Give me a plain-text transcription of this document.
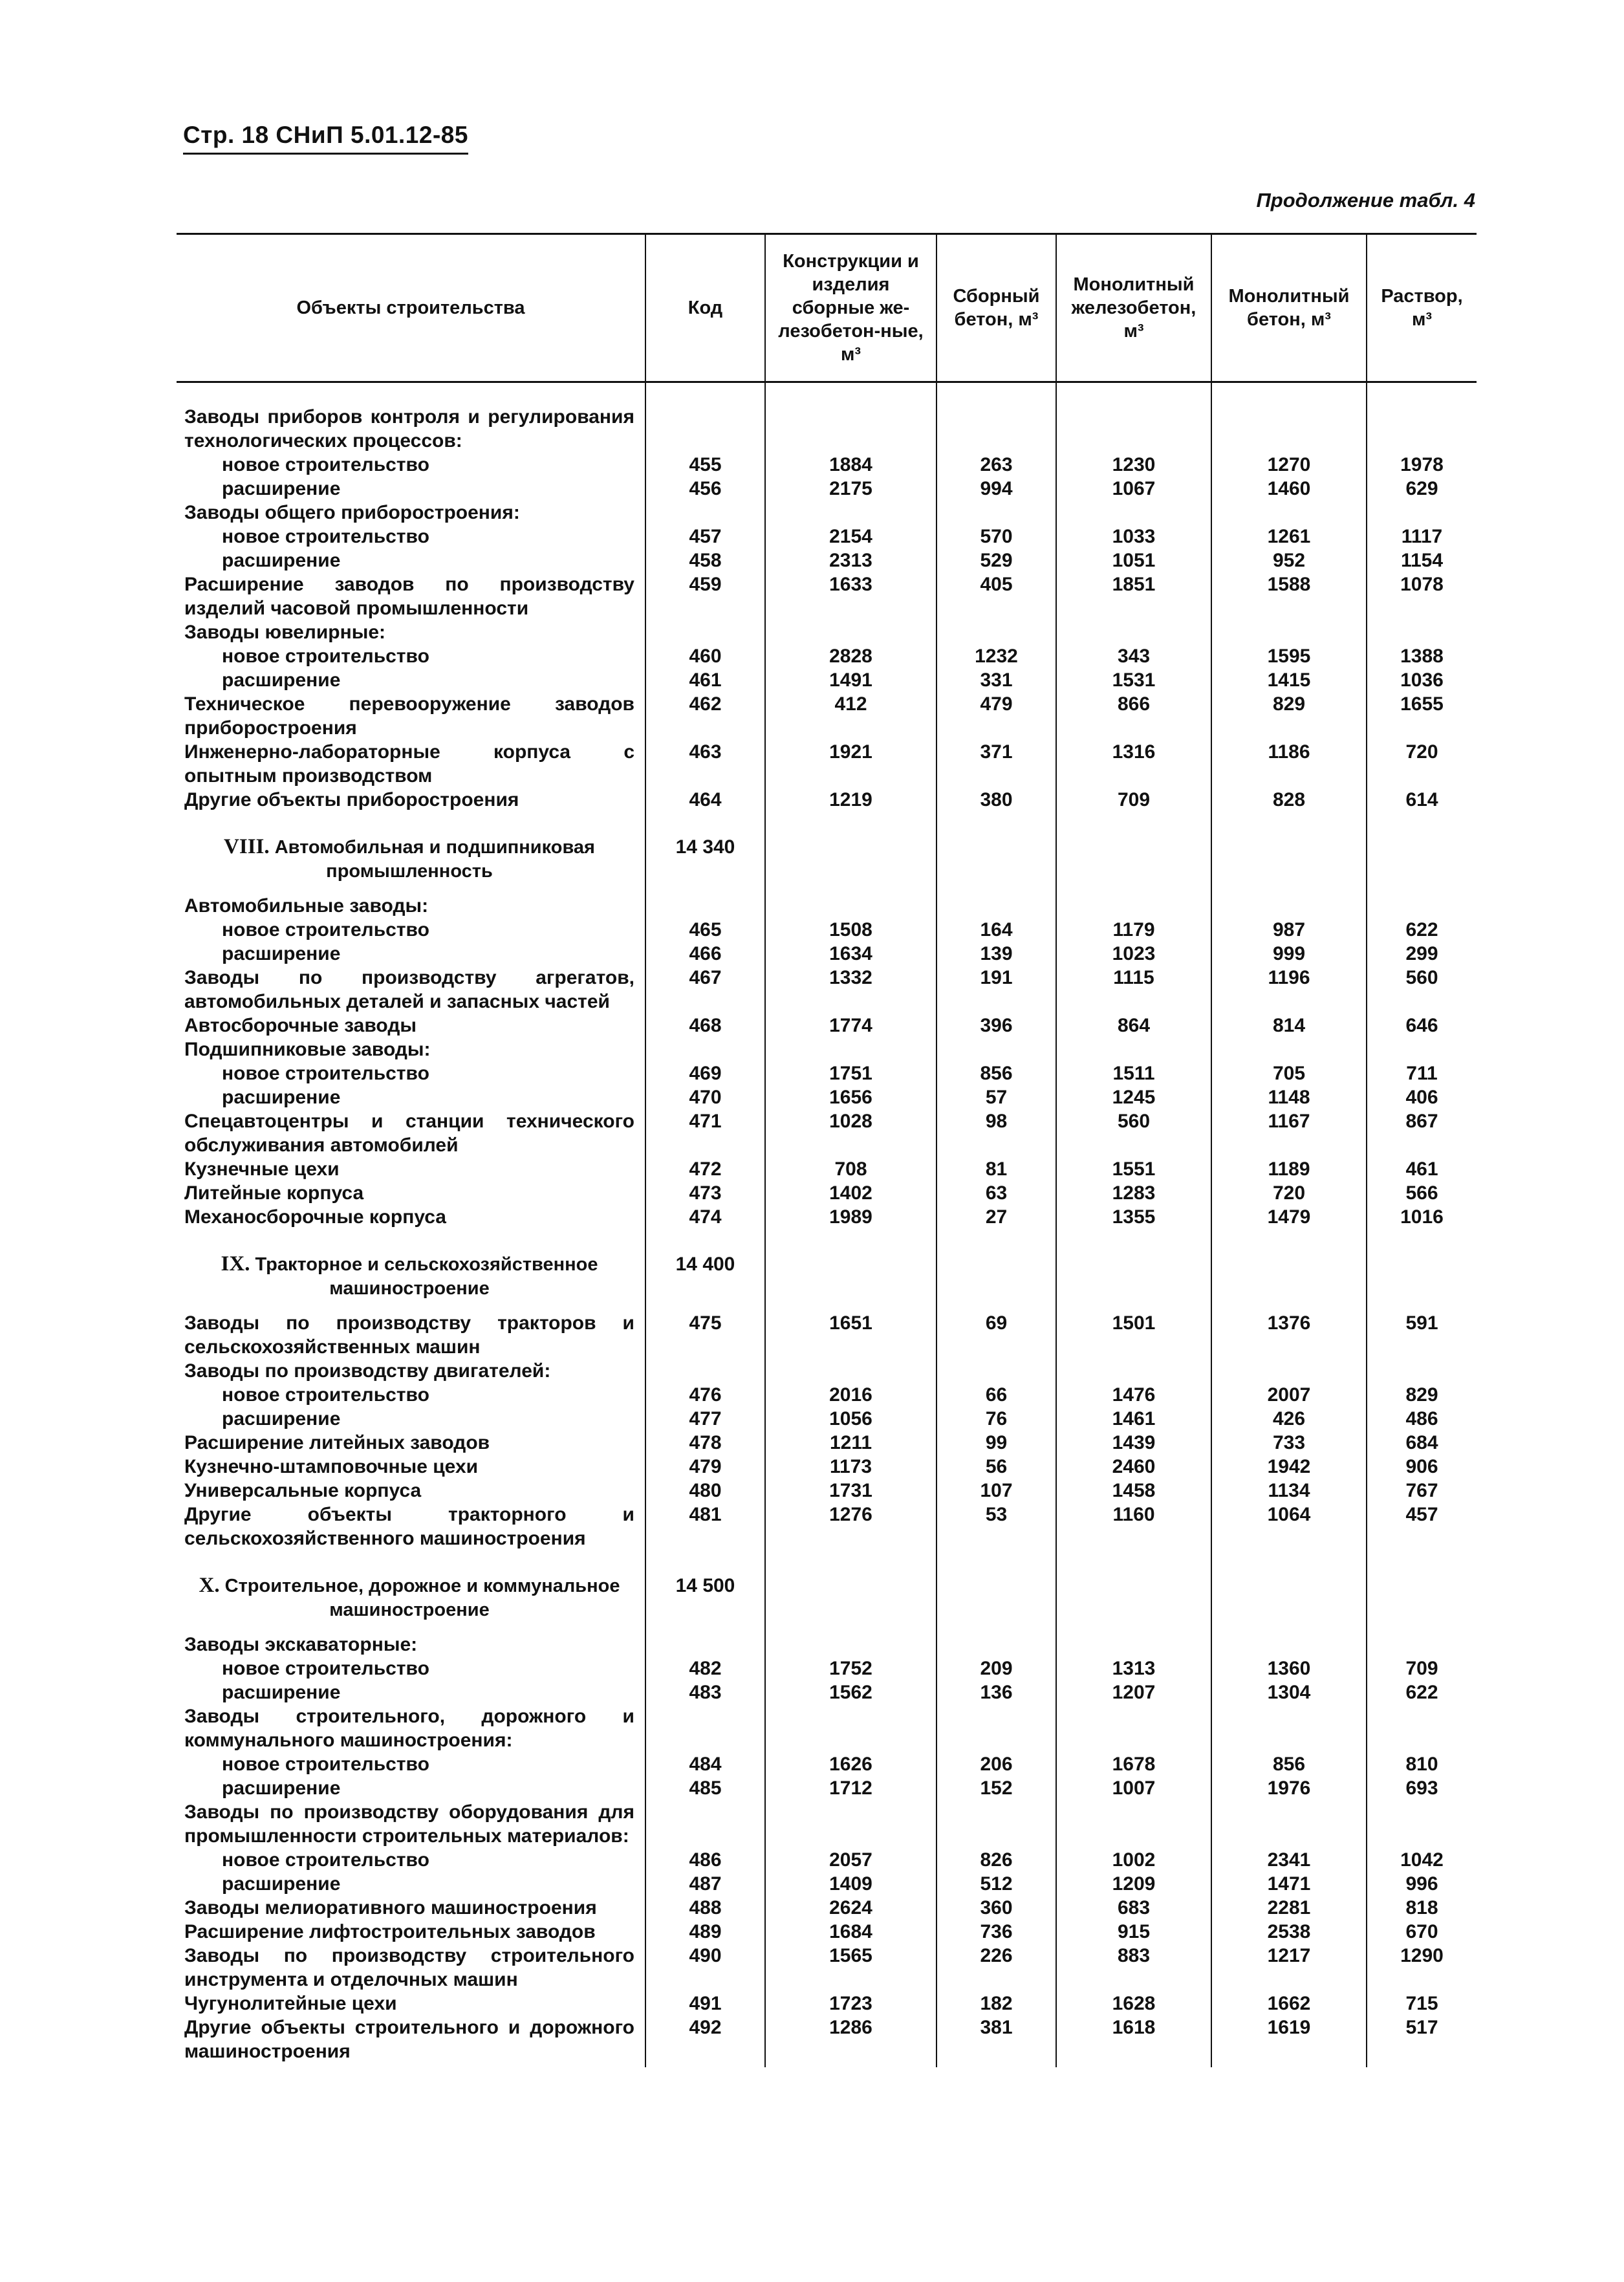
Стр. 18 СНиП 5.01.12-85
Продолжение табл. 4
Объекты строительства	Код	Конструкции и изделия сборные же-лезобетон-ные, м³	Сборный бетон, м³	Монолитный железобетон, м³	Монолитный бетон, м³	Раствор, м³
Заводы приборов контроля и регулирования технологических процессов:						
новое строительство	455	1884	263	1230	1270	1978
расширение	456	2175	994	1067	1460	629
Заводы общего приборостроения:						
новое строительство	457	2154	570	1033	1261	1117
расширение	458	2313	529	1051	952	1154
Расширение заводов по производству изделий часовой промышленности	459	1633	405	1851	1588	1078
Заводы ювелирные:						
новое строительство	460	2828	1232	343	1595	1388
расширение	461	1491	331	1531	1415	1036
Техническое перевооружение заводов приборостроения	462	412	479	866	829	1655
Инженерно-лабораторные корпуса с опытным производством	463	1921	371	1316	1186	720
Другие объекты приборостроения	464	1219	380	709	828	614
VIII. Автомобильная и подшипниковая промышленность	14 340					
Автомобильные заводы:						
новое строительство	465	1508	164	1179	987	622
расширение	466	1634	139	1023	999	299
Заводы по производству агрегатов, автомобильных деталей и запасных частей	467	1332	191	1115	1196	560
Автосборочные заводы	468	1774	396	864	814	646
Подшипниковые заводы:						
новое строительство	469	1751	856	1511	705	711
расширение	470	1656	57	1245	1148	406
Спецавтоцентры и станции технического обслуживания автомобилей	471	1028	98	560	1167	867
Кузнечные цехи	472	708	81	1551	1189	461
Литейные корпуса	473	1402	63	1283	720	566
Механосборочные корпуса	474	1989	27	1355	1479	1016
IX. Тракторное и сельскохозяйственное машиностроение	14 400					
Заводы по производству тракторов и сельскохозяйственных машин	475	1651	69	1501	1376	591
Заводы по производству двигателей:						
новое строительство	476	2016	66	1476	2007	829
расширение	477	1056	76	1461	426	486
Расширение литейных заводов	478	1211	99	1439	733	684
Кузнечно-штамповочные цехи	479	1173	56	2460	1942	906
Универсальные корпуса	480	1731	107	1458	1134	767
Другие объекты тракторного и сельскохозяйственного машиностроения	481	1276	53	1160	1064	457
X. Строительное, дорожное и коммунальное машиностроение	14 500					
Заводы экскаваторные:						
новое строительство	482	1752	209	1313	1360	709
расширение	483	1562	136	1207	1304	622
Заводы строительного, дорожного и коммунального машиностроения:						
новое строительство	484	1626	206	1678	856	810
расширение	485	1712	152	1007	1976	693
Заводы по производству оборудования для промышленности строительных материалов:						
новое строительство	486	2057	826	1002	2341	1042
расширение	487	1409	512	1209	1471	996
Заводы мелиоративного машиностроения	488	2624	360	683	2281	818
Расширение лифтостроительных заводов	489	1684	736	915	2538	670
Заводы по производству строительного инструмента и отделочных машин	490	1565	226	883	1217	1290
Чугунолитейные цехи	491	1723	182	1628	1662	715
Другие объекты строительного и дорожного машиностроения	492	1286	381	1618	1619	517
